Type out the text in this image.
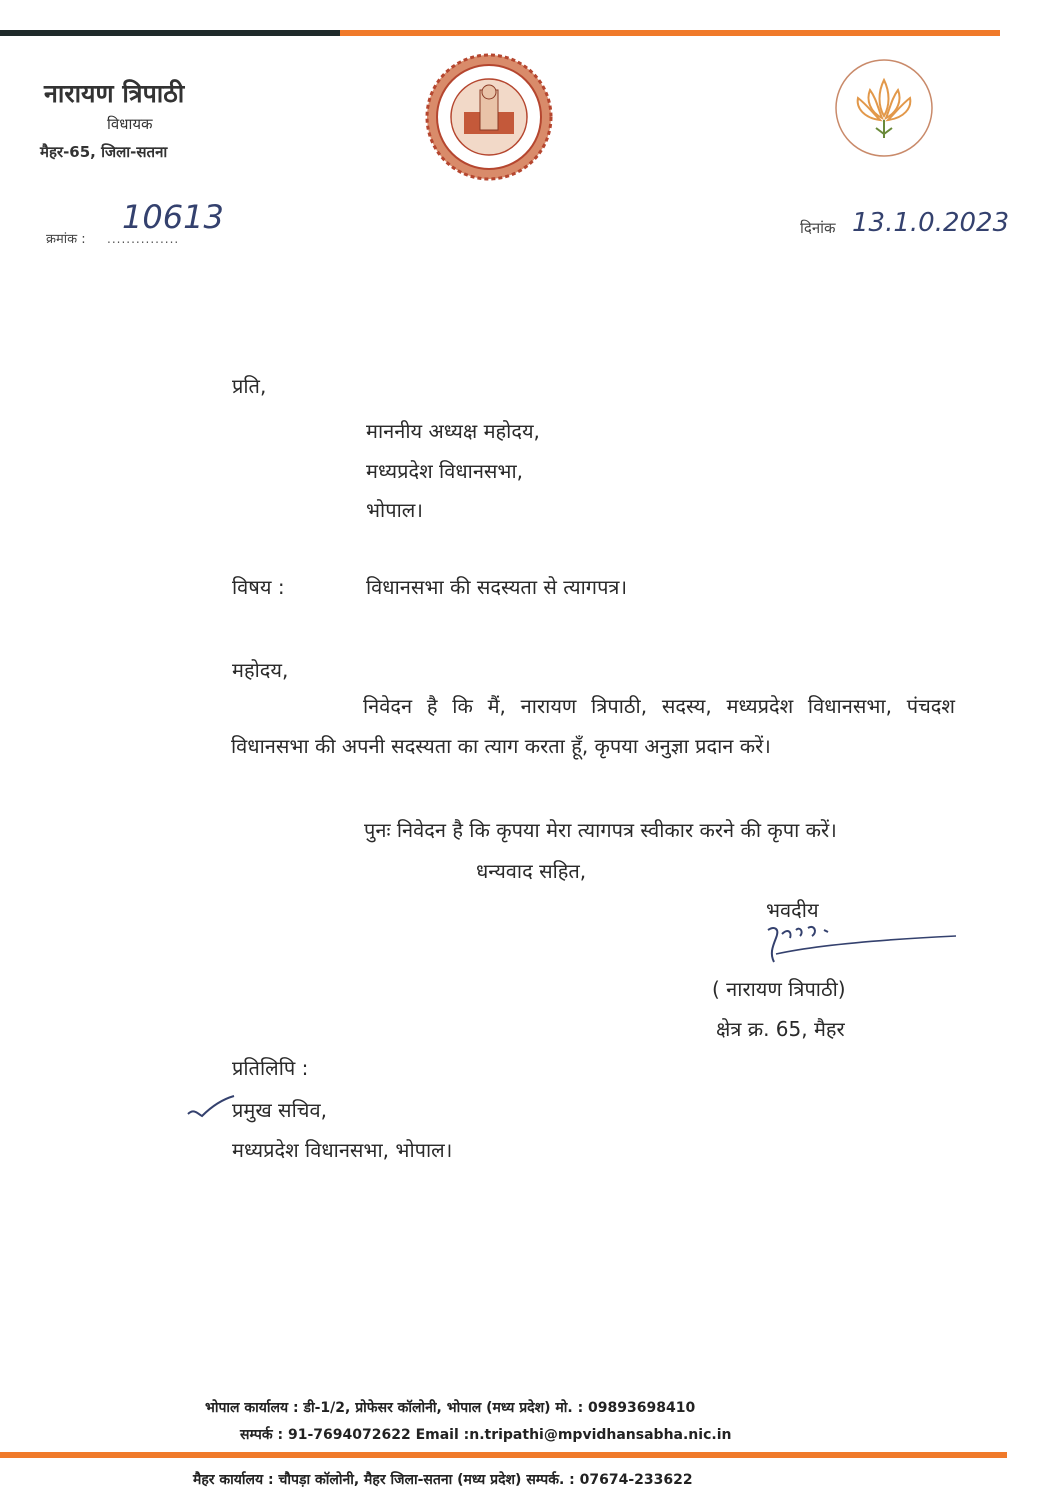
नारायण त्रिपाठी
विधायक
मैहर-65, जिला-सतना
क्रमांक : ...............
10613	दिनांक 13.1.0.2023
प्रति,
माननीय अध्यक्ष महोदय,
मध्यप्रदेश विधानसभा,
भोपाल।
विषय :	विधानसभा की सदस्यता से त्यागपत्र।
महोदय,
निवेदन है कि मैं, नारायण त्रिपाठी, सदस्य, मध्यप्रदेश विधानसभा, पंचदश विधानसभा की अपनी सदस्यता का त्याग करता हूँ, कृपया अनुज्ञा प्रदान करें।
पुनः निवेदन है कि कृपया मेरा त्यागपत्र स्वीकार करने की कृपा करें।
धन्यवाद सहित,
भवदीय
( नारायण त्रिपाठी)
क्षेत्र क्र. 65, मैहर
प्रतिलिपि :
प्रमुख सचिव,
मध्यप्रदेश विधानसभा, भोपाल।
भोपाल कार्यालय : डी-1/2, प्रोफेसर कॉलोनी, भोपाल (मध्य प्रदेश) मो. : 09893698410
सम्पर्क : 91-7694072622 Email :n.tripathi@mpvidhansabha.nic.in
मैहर कार्यालय : चौपड़ा कॉलोनी, मैहर जिला-सतना (मध्य प्रदेश) सम्पर्क. : 07674-233622
